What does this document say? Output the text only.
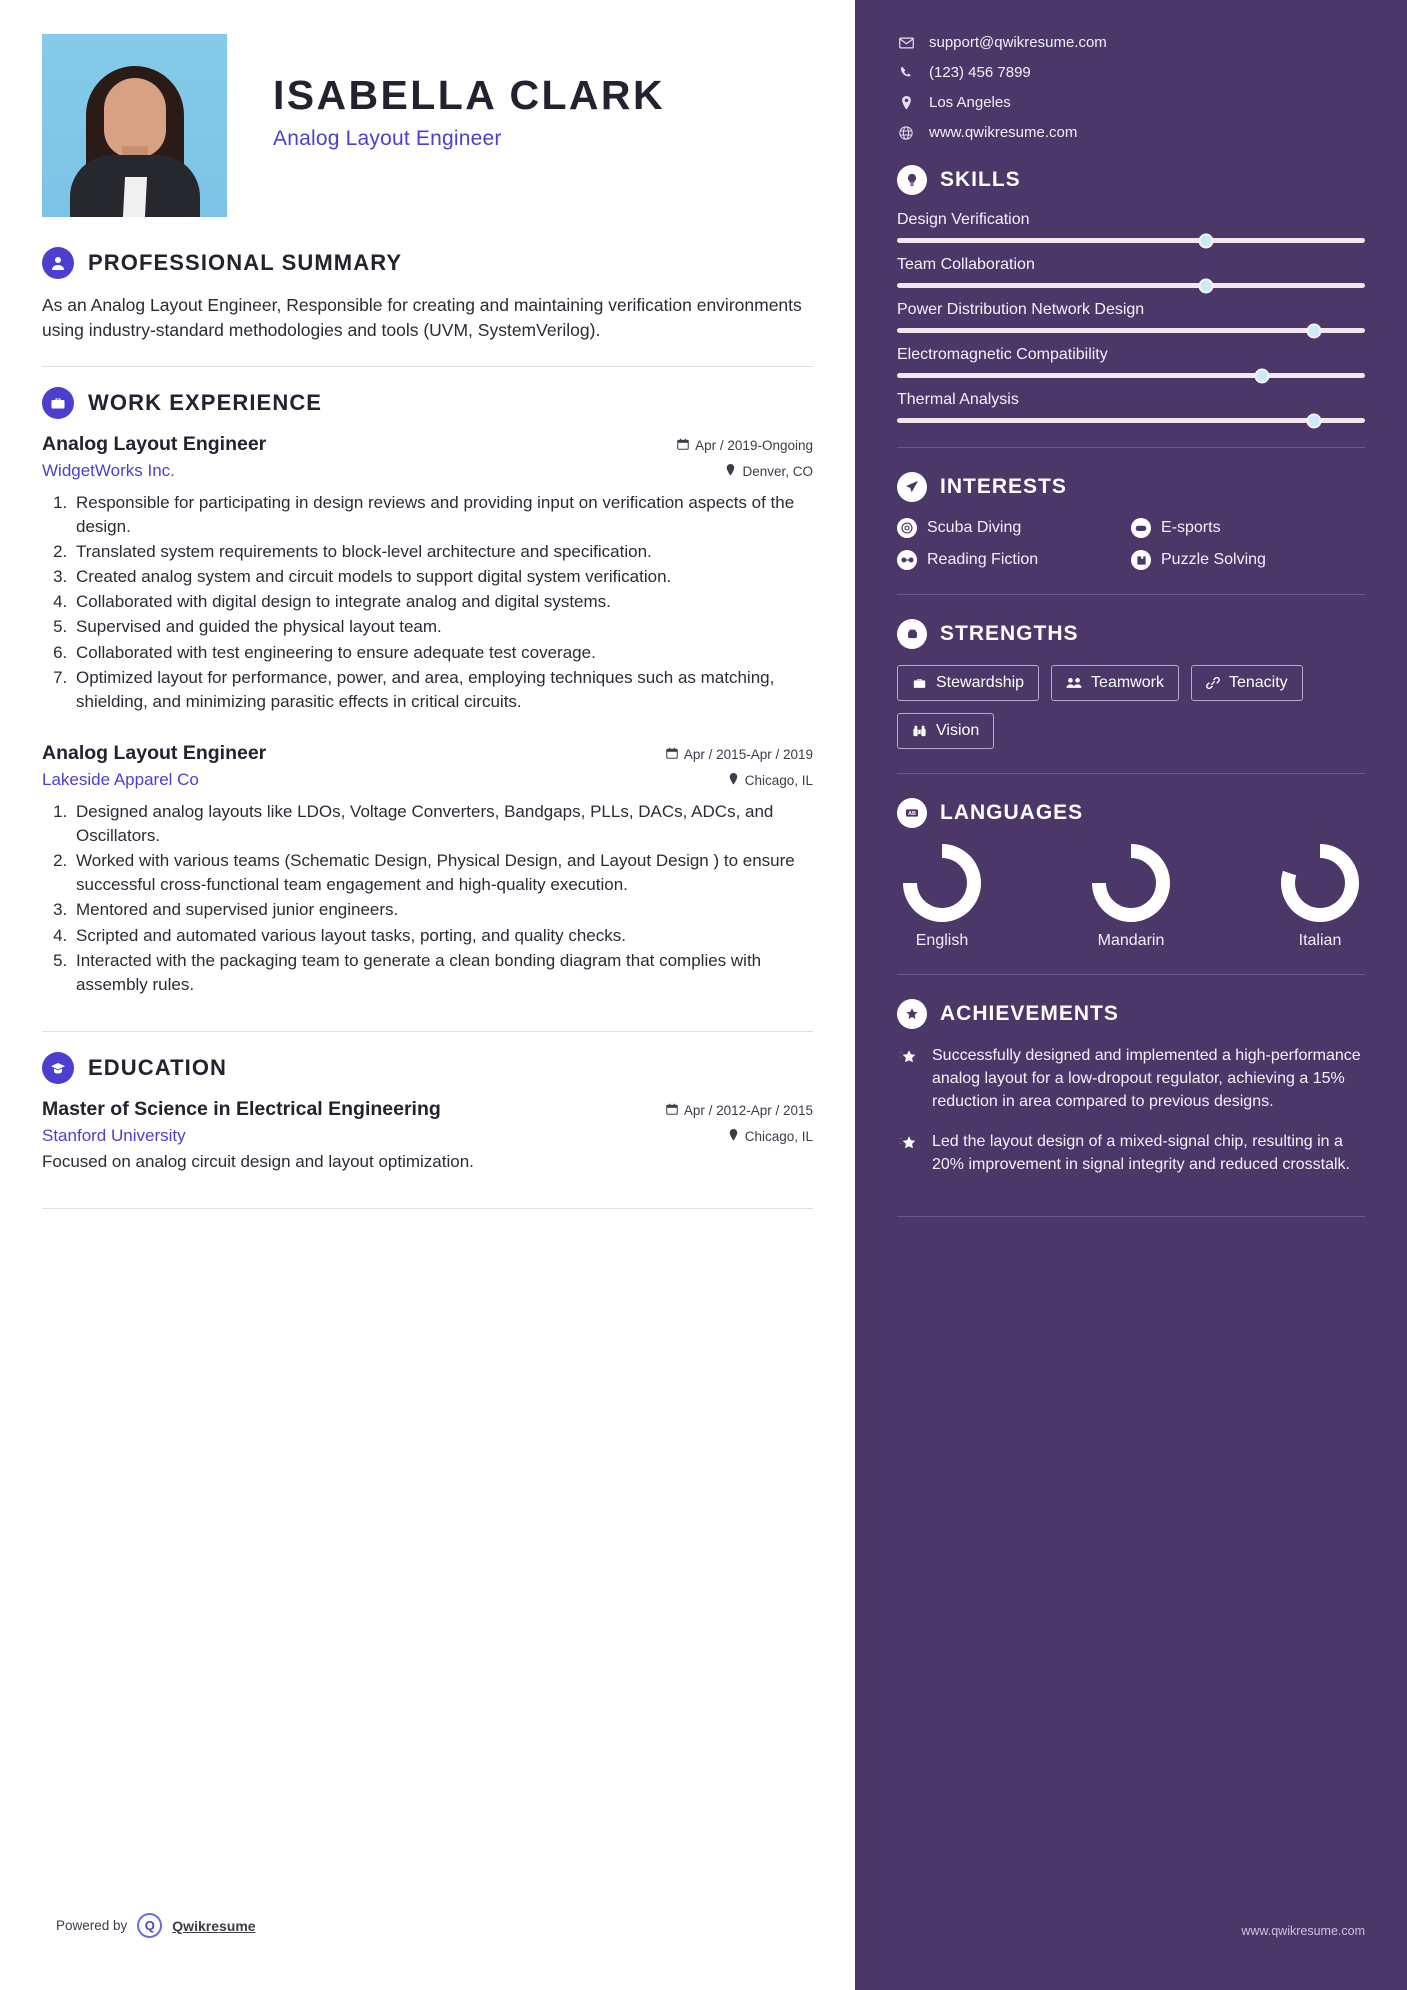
ISABELLA CLARK
Analog Layout Engineer
PROFESSIONAL SUMMARY

As an Analog Layout Engineer, Responsible for creating and maintaining verification environments using industry-standard methodologies and tools (UVM, SystemVerilog).

WORK EXPERIENCE
Analog Layout Engineer	Apr / 2019-Ongoing
WidgetWorks Inc.	Denver, CO
1. Responsible for participating in design reviews and providing input on verification aspects of the design.
2. Translated system requirements to block-level architecture and specification.
3. Created analog system and circuit models to support digital system verification.
4. Collaborated with digital design to integrate analog and digital systems.
5. Supervised and guided the physical layout team.
6. Collaborated with test engineering to ensure adequate test coverage.
7. Optimized layout for performance, power, and area, employing techniques such as matching, shielding, and minimizing parasitic effects in critical circuits.
Analog Layout Engineer	Apr / 2015-Apr / 2019
Lakeside Apparel Co	Chicago, IL
1. Designed analog layouts like LDOs, Voltage Converters, Bandgaps, PLLs, DACs, ADCs, and Oscillators.
2. Worked with various teams (Schematic Design, Physical Design, and Layout Design ) to ensure successful cross-functional team engagement and high-quality execution.
3. Mentored and supervised junior engineers.
4. Scripted and automated various layout tasks, porting, and quality checks.
5. Interacted with the packaging team to generate a clean bonding diagram that complies with assembly rules.
EDUCATION
Master of Science in Electrical Engineering	Apr / 2012-Apr / 2015
Stanford University	Chicago, IL
Focused on analog circuit design and layout optimization.
Powered by Q Qwikresume
support@qwikresume.com
(123) 456 7899
Los Angeles
www.qwikresume.com
SKILLS
Design Verification
Team Collaboration
Power Distribution Network Design
Electromagnetic Compatibility
Thermal Analysis
INTERESTS
Scuba Diving	E-sports
Reading Fiction	Puzzle Solving
STRENGTHS
Stewardship	Teamwork	Tenacity
Vision
AB LANGUAGES
English	Mandarin	Italian
ACHIEVEMENTS

Successfully designed and implemented a high-performance analog layout for a low-dropout regulator, achieving a 15% reduction in area compared to previous designs.

Led the layout design of a mixed-signal chip, resulting in a 20% improvement in signal integrity and reduced crosstalk.

www.qwikresume.com
